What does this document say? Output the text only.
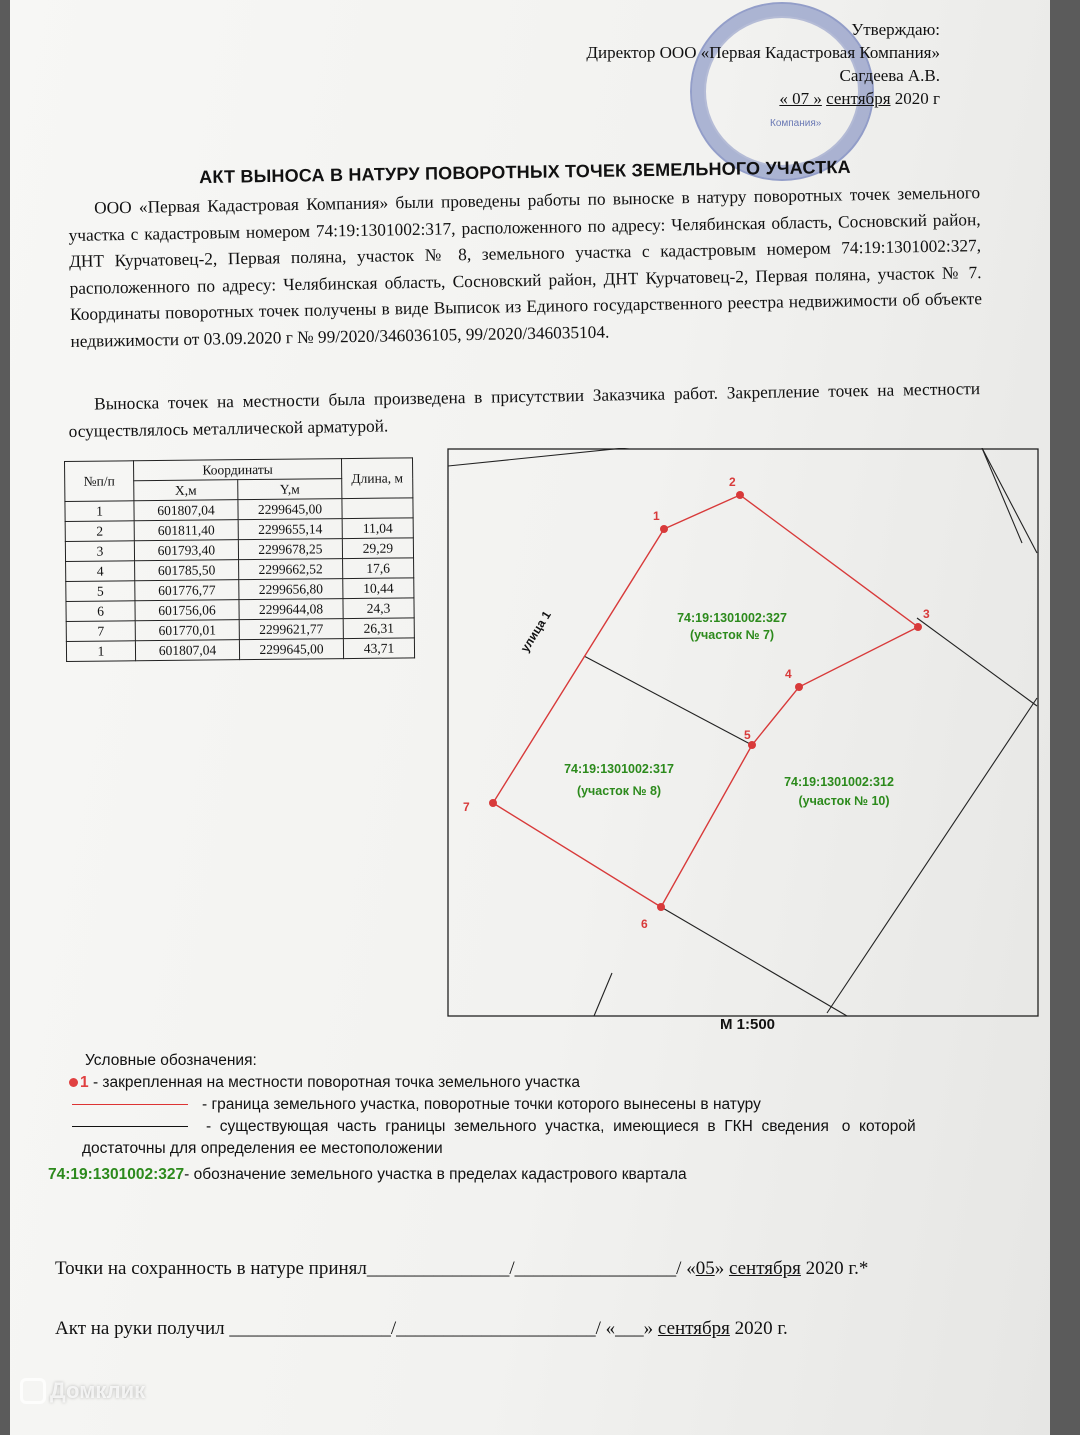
Компания»
Утверждаю:
Директор ООО «Первая Кадастровая Компания»
Сагдеева А.В.
« 07 » сентября 2020 г
АКТ ВЫНОСА В НАТУРУ ПОВОРОТНЫХ ТОЧЕК ЗЕМЕЛЬНОГО УЧАСТКА
ООО «Первая Кадастровая Компания» были проведены работы по выноске в натуру поворотных точек земельного участка с кадастровым номером 74:19:1301002:317, расположенного по адресу: Челябинская область, Сосновский район, ДНТ Курчатовец-2, Первая поляна, участок № 8, земельного участка с кадастровым номером 74:19:1301002:327, расположенного по адресу: Челябинская область, Сосновский район, ДНТ Курчатовец-2, Первая поляна, участок № 7. Координаты поворотных точек получены в виде Выписок из Единого государственного реестра недвижимости об объекте недвижимости от 03.09.2020 г № 99/2020/346036105, 99/2020/346035104.
Выноска точек на местности была произведена в присутствии Заказчика работ. Закрепление точек на местности осуществлялось металлической арматурой.
№п/п	Координаты		Длина, м
	X,м	Y,м	
1	601807,04	2299645,00	
2	601811,40	2299655,14	11,04
3	601793,40	2299678,25	29,29
4	601785,50	2299662,52	17,6
5	601776,77	2299656,80	10,44
6	601756,06	2299644,08	24,3
7	601770,01	2299621,77	26,31
1	601807,04	2299645,00	43,71
1
2
3
4
5
6
7
улица 1	74:19:1301002:327
(участок № 7)
74:19:1301002:317
(участок № 8)
74:19:1301002:312
(участок № 10)
М 1:500
Условные обозначения:
1 - закрепленная на местности поворотная точка земельного участка
- граница земельного участка, поворотные точки которого вынесены в натуру
-  существующая  часть  границы  земельного  участка,  имеющиеся  в  ГКН  сведения   о  которой
достаточны для определения ее местоположении
74:19:1301002:327- обозначение земельного участка в пределах кадастрового квартала
Точки на сохранность в натуре принял_______________/_________________/ «05» сентября 2020 г.*
Акт на руки получил _________________/_____________________/ «___» сентября 2020 г.
Домклик
